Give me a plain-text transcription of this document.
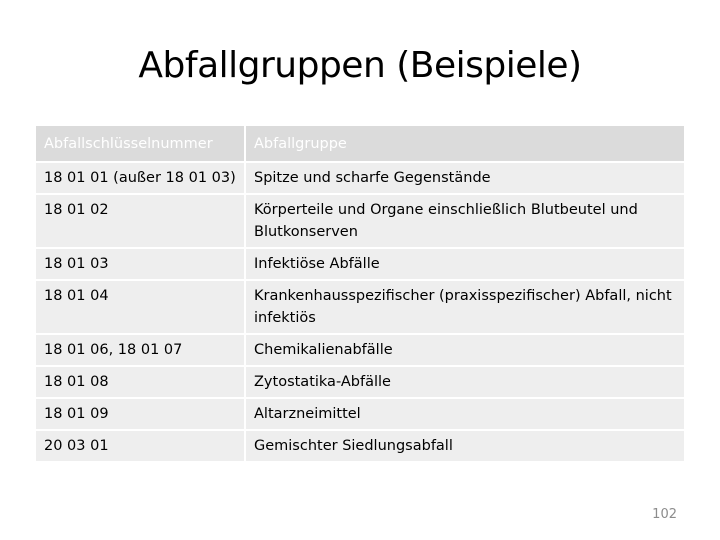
Abfallgruppen (Beispiele)
Abfallschlüsselnummer	Abfallgruppe
18 01 01 (außer 18 01 03)	Spitze und scharfe Gegenstände
18 01 02	Körperteile und Organe einschließlich Blutbeutel und Blutkonserven
18 01 03	Infektiöse Abfälle
18 01 04	Krankenhausspezifischer (praxisspezifischer) Abfall, nicht infektiös
18 01 06, 18 01 07	Chemikalienabfälle
18 01 08	Zytostatika-Abfälle
18 01 09	Altarzneimittel
20 03 01	Gemischter Siedlungsabfall
102
